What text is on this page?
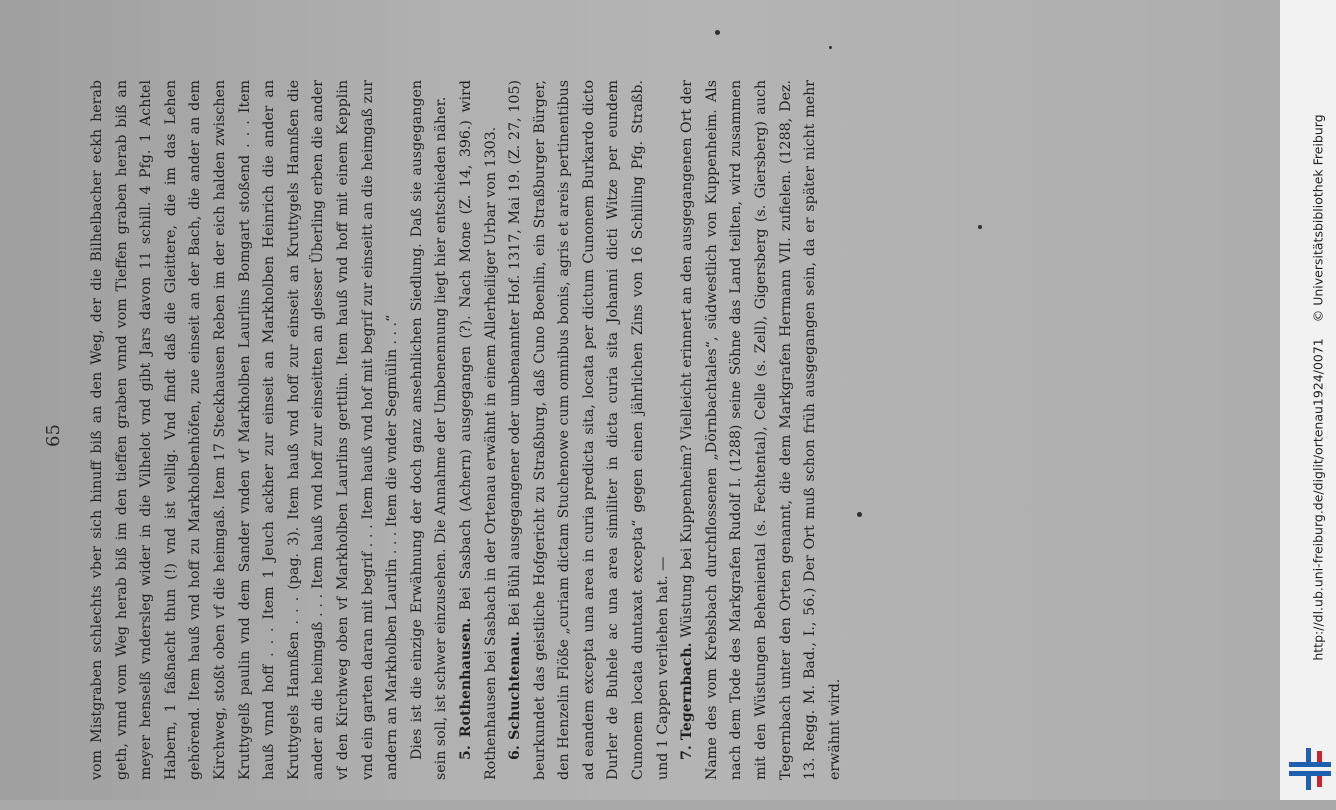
65 vom Mistgraben schlechts vber sich hinuff biß an den Weg, der die Bilhelbacher eckh herab geth, vnnd vom Weg herab biß im den tieffen graben vnnd vom Tieffen graben herab biß an meyer henselß vndersleg wider in die Vilhelot vnd gibt Jars davon 11 schill. 4 Pfg. 1 Achtel Habern, 1 faßnacht thun (!) vnd ist vellig. Vnd findt daß die Gleittere, die im das Lehen gehörend. Item hauß vnd hoff zu Markholbenhöfen, zue einseit an der Bach, die ander an dem Kirchweg, stoßt oben vf die heimgaß. Item 17 Steckhausen Reben im der eich halden zwischen Kruttygelß paulin vnd dem Sander vnden vf Markholben Laurlins Bomgart stoßend . . . Item hauß vnnd hoff . . . Item 1 Jeuch ackher zur einseit an Markholben Heinrich die ander an Kruttygels Hannßen . . . (pag. 3). Item hauß vnd hoff zur einseit an Kruttygels Hannßen die ander an die heimgaß . . . Item hauß vnd hoff zur einseitten an glesser Überling erben die ander vf den Kirchweg oben vf Markholben Laurlins gerttlin. Item hauß vnd hoff mit einem Kepplin vnd ein garten daran mit begrif . . . Item hauß vnd hof mit begrif zur einseitt an die heimgaß zur andern an Markholben Laurlin . . . Item die vnder Segmülin . . .“ Dies ist die einzige Erwähnung der doch ganz ansehnlichen Siedlung. Daß sie ausgegangen sein soll, ist schwer einzusehen. Die Annahme der Umbenennung liegt hier entschieden näher. 5. Rothenhausen. Bei Sasbach (Achern) ausgegangen (?). Nach Mone (Z. 14, 396.) wird Rothenhausen bei Sasbach in der Ortenau erwähnt in einem Allerheiliger Urbar von 1303. 6. Schuchtenau. Bei Bühl ausgegangener oder umbenannter Hof. 1317, Mai 19. (Z. 27, 105) beurkundet das geistliche Hofgericht zu Straßburg, daß Cuno Boenlin, ein Straßburger Bürger, den Henzelin Flöße „curiam dictam Stuchenowe cum omnibus bonis, agris et areis pertinentibus ad eandem excepta una area in curia predicta sita, locata per dictum Cunonem Burkardo dicto Durler de Buhele ac una area similiter in dicta curia sita Johanni dicti Witze per eundem Cunonem locata duntaxat excepta“ gegen einen jährlichen Zins von 16 Schilling Pfg. Straßb. und 1 Cappen verliehen hat. — 7. Tegernbach. Wüstung bei Kuppenheim? Vielleicht erinnert an den ausgegangenen Ort der Name des vom Krebsbach durchflossenen „Dörnbachtales“, südwestlich von Kuppenheim. Als nach dem Tode des Markgrafen Rudolf I. (1288) seine Söhne das Land teilten, wird zusammen mit den Wüstungen Beheniental (s. Fechtental), Celle (s. Zell), Gigersberg (s. Giersberg) auch Tegernbach unter den Orten genannt, die dem Markgrafen Hermann VII. zufielen. (1288, Dez. 13. Regg. M. Bad., I., 56.) Der Ort muß schon früh ausgegangen sein, da er später nicht mehr erwähnt wird.

http://dl.ub.uni-freiburg.de/diglit/ortenau1924/0071 © Universitätsbibliothek Freiburg
